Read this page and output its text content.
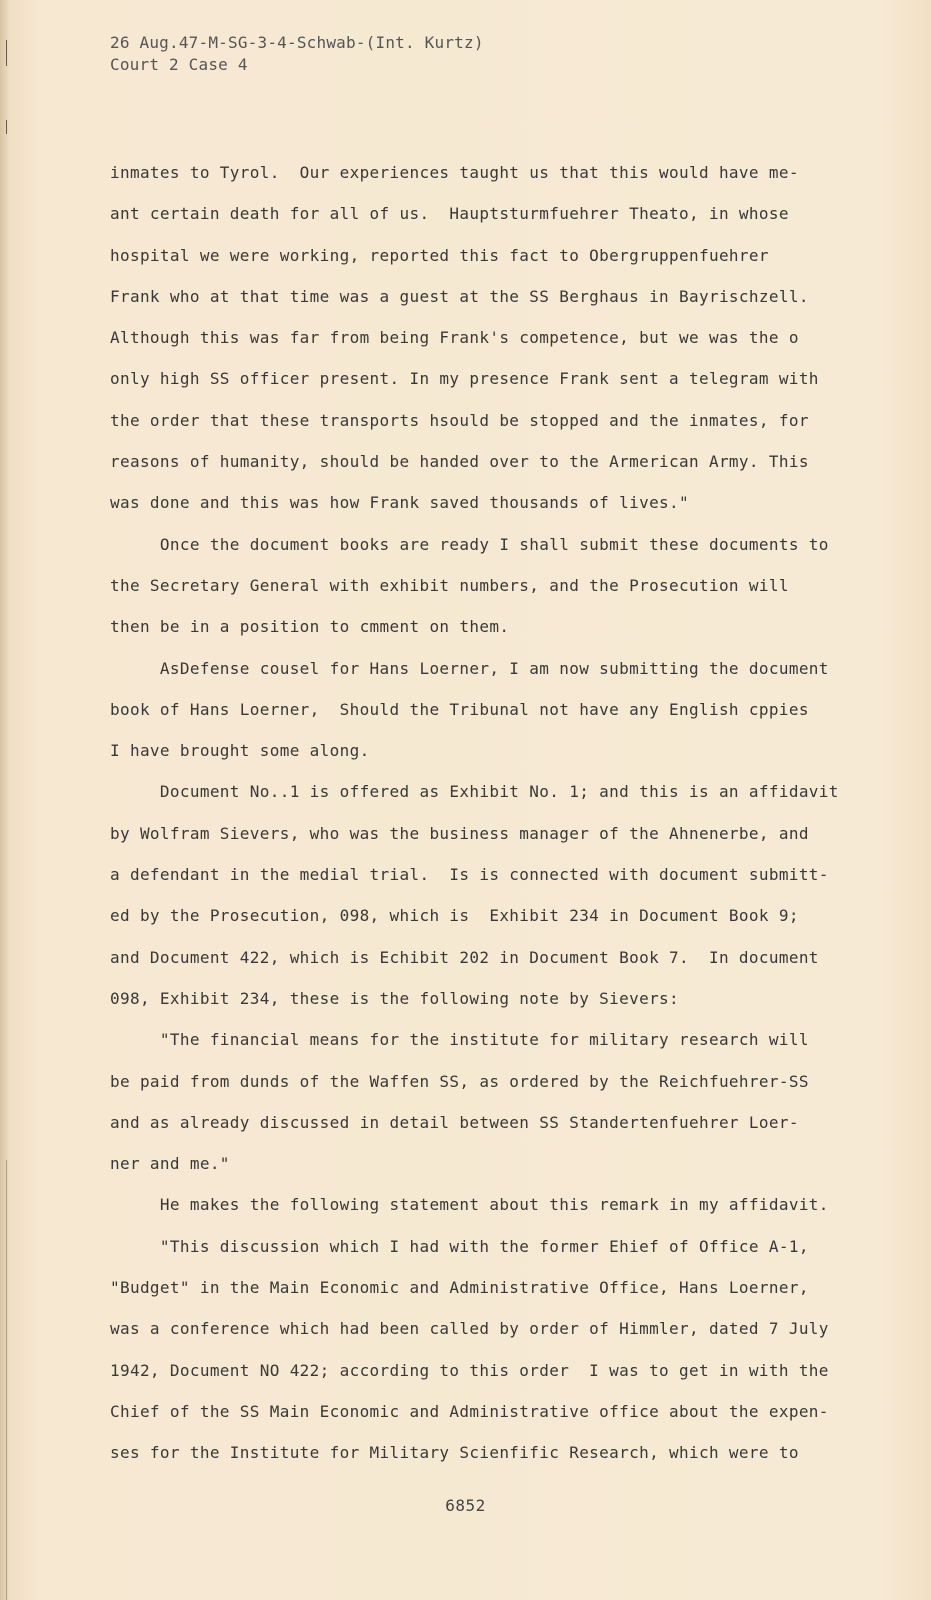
26 Aug.47-M-SG-3-4-Schwab-(Int. Kurtz)
Court 2 Case 4
inmates to Tyrol.  Our experiences taught us that this would have me-
ant certain death for all of us.  Hauptsturmfuehrer Theato, in whose
hospital we were working, reported this fact to Obergruppenfuehrer
Frank who at that time was a guest at the SS Berghaus in Bayrischzell.
Although this was far from being Frank's competence, but we was the o
only high SS officer present. In my presence Frank sent a telegram with
the order that these transports hsould be stopped and the inmates, for
reasons of humanity, should be handed over to the Armerican Army. This
was done and this was how Frank saved thousands of lives."
Once the document books are ready I shall submit these documents to
the Secretary General with exhibit numbers, and the Prosecution will
then be in a position to cmment on them.
AsDefense cousel for Hans Loerner, I am now submitting the document
book of Hans Loerner,  Should the Tribunal not have any English cppies
I have brought some along.
Document No..1 is offered as Exhibit No. 1; and this is an affidavit
by Wolfram Sievers, who was the business manager of the Ahnenerbe, and
a defendant in the medial trial.  Is is connected with document submitt-
ed by the Prosecution, 098, which is  Exhibit 234 in Document Book 9;
and Document 422, which is Echibit 202 in Document Book 7.  In document
098, Exhibit 234, these is the following note by Sievers:
"The financial means for the institute for military research will
be paid from dunds of the Waffen SS, as ordered by the Reichfuehrer-SS
and as already discussed in detail between SS Standertenfuehrer Loer-
ner and me."
He makes the following statement about this remark in my affidavit.
"This discussion which I had with the former Ehief of Office A-1,
"Budget" in the Main Economic and Administrative Office, Hans Loerner,
was a conference which had been called by order of Himmler, dated 7 July
1942, Document NO 422; according to this order  I was to get in with the
Chief of the SS Main Economic and Administrative office about the expen-
ses for the Institute for Military Scienfific Research, which were to
6852
